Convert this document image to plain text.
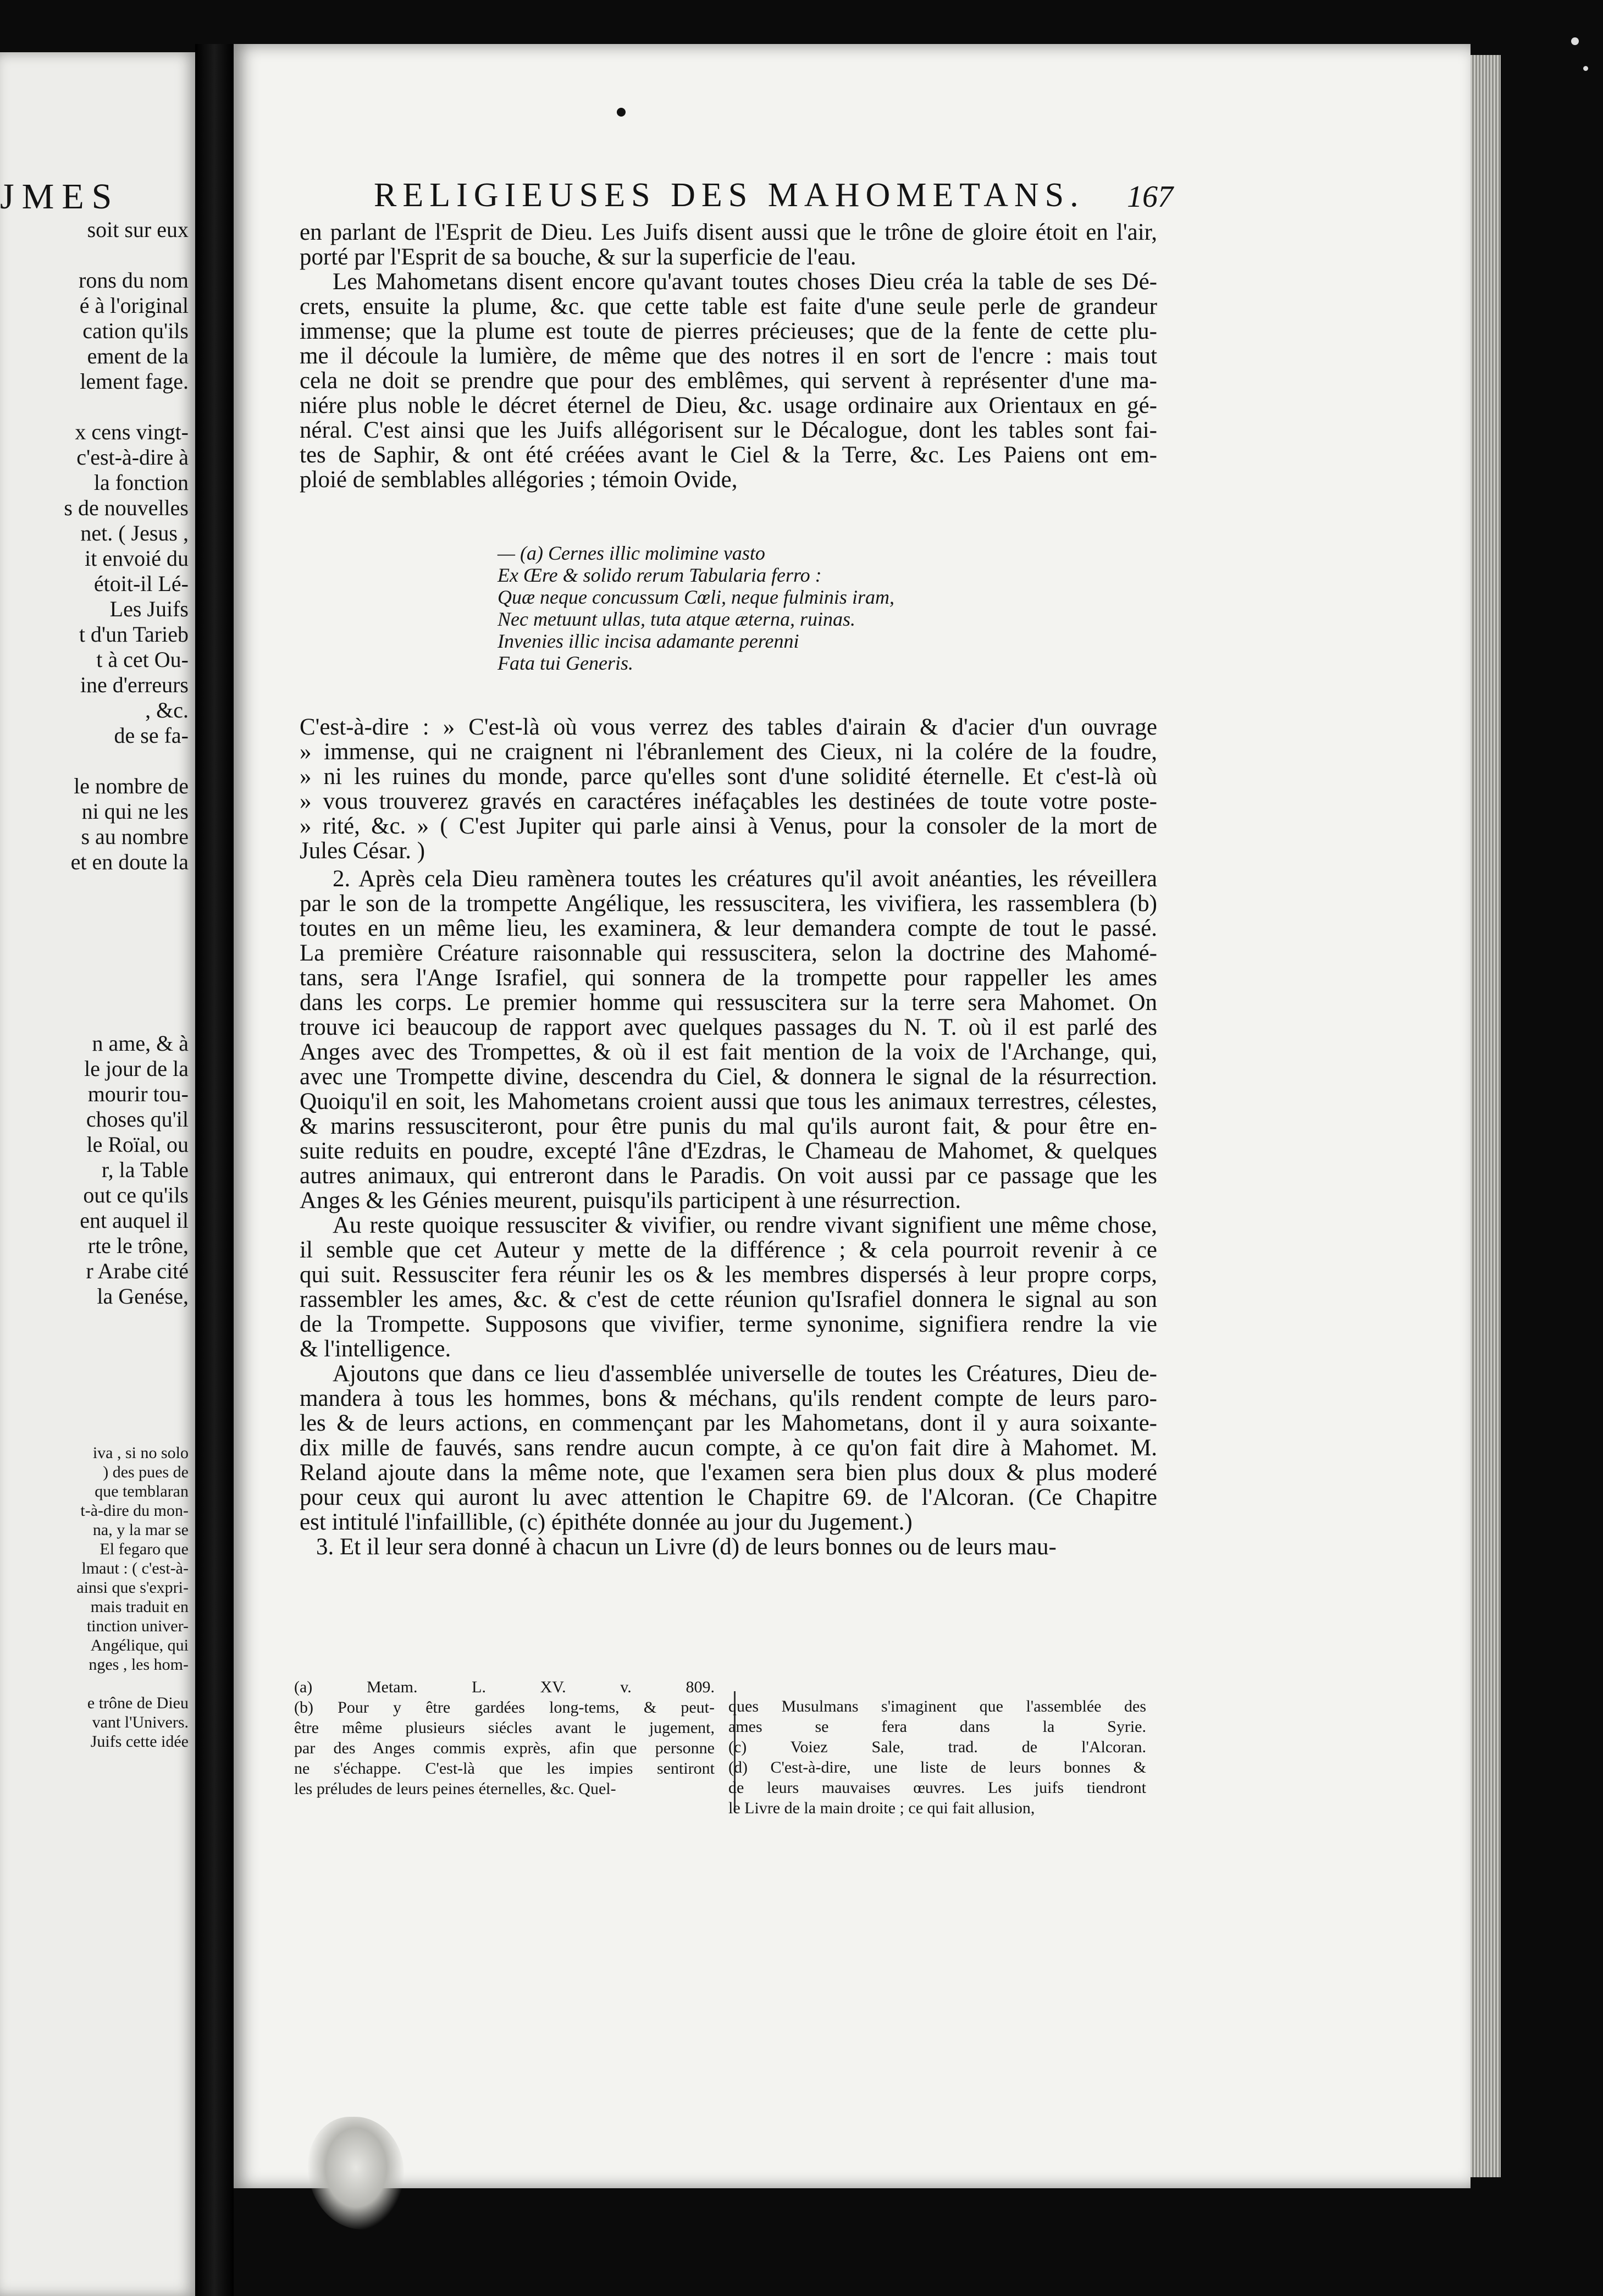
JMES
soit sur eux
rons du nom
é à l'original
cation qu'ils
ement de la
lement fage.
x cens vingt-
c'est-à-dire à
la fonction
s de nouvelles
net. ( Jesus ,
it envoié du
étoit-il Lé-
Les Juifs
t d'un Tarieb
t à cet Ou-
ine d'erreurs
, &c.
de se fa-
le nombre de
ni qui ne les
s au nombre
et en doute la
n ame, & à
le jour de la
mourir tou-
choses qu'il
le Roïal, ou
r, la Table
out ce qu'ils
ent auquel il
rte le trône,
r Arabe cité
la Genése,
iva , si no solo
) des pues de
que temblaran
t-à-dire du mon-
na, y la mar se
El fegaro que
lmaut : ( c'est-à-
ainsi que s'expri-
mais traduit en
tinction univer-
Angélique, qui
nges , les hom-
e trône de Dieu
vant l'Univers.
Juifs cette idée
RELIGIEUSES DES MAHOMETANS.	167
en parlant de l'Esprit de Dieu. Les Juifs disent aussi que le trône de gloire étoit en l'air,
porté par l'Esprit de sa bouche, & sur la superficie de l'eau.
Les Mahometans disent encore qu'avant toutes choses Dieu créa la table de ses Dé-
crets, ensuite la plume, &c. que cette table est faite d'une seule perle de grandeur
immense; que la plume est toute de pierres précieuses; que de la fente de cette plu-
me il découle la lumière, de même que des notres il en sort de l'encre : mais tout
cela ne doit se prendre que pour des emblêmes, qui servent à représenter d'une ma-
niére plus noble le décret éternel de Dieu, &c. usage ordinaire aux Orientaux en gé-
néral. C'est ainsi que les Juifs allégorisent sur le Décalogue, dont les tables sont fai-
tes de Saphir, & ont été créées avant le Ciel & la Terre, &c. Les Paiens ont em-
ploié de semblables allégories ; témoin Ovide,
— (a) Cernes illic molimine vasto
Ex Œre & solido rerum Tabularia ferro :
Quæ neque concussum Cœli, neque fulminis iram,
Nec metuunt ullas, tuta atque æterna, ruinas.
Invenies illic incisa adamante perenni
Fata tui Generis.
C'est-à-dire : » C'est-là où vous verrez des tables d'airain & d'acier d'un ouvrage
» immense, qui ne craignent ni l'ébranlement des Cieux, ni la colére de la foudre,
» ni les ruines du monde, parce qu'elles sont d'une solidité éternelle. Et c'est-là où
» vous trouverez gravés en caractéres inéfaçables les destinées de toute votre poste-
» rité, &c. » ( C'est Jupiter qui parle ainsi à Venus, pour la consoler de la mort de
Jules César. )
2. Après cela Dieu ramènera toutes les créatures qu'il avoit anéanties, les réveillera
par le son de la trompette Angélique, les ressuscitera, les vivifiera, les rassemblera (b)
toutes en un même lieu, les examinera, & leur demandera compte de tout le passé.
La première Créature raisonnable qui ressuscitera, selon la doctrine des Mahomé-
tans, sera l'Ange Israfiel, qui sonnera de la trompette pour rappeller les ames
dans les corps. Le premier homme qui ressuscitera sur la terre sera Mahomet. On
trouve ici beaucoup de rapport avec quelques passages du N. T. où il est parlé des
Anges avec des Trompettes, & où il est fait mention de la voix de l'Archange, qui,
avec une Trompette divine, descendra du Ciel, & donnera le signal de la résurrection.
Quoiqu'il en soit, les Mahometans croient aussi que tous les animaux terrestres, célestes,
& marins ressusciteront, pour être punis du mal qu'ils auront fait, & pour être en-
suite reduits en poudre, excepté l'âne d'Ezdras, le Chameau de Mahomet, & quelques
autres animaux, qui entreront dans le Paradis. On voit aussi par ce passage que les
Anges & les Génies meurent, puisqu'ils participent à une résurrection.
Au reste quoique ressusciter & vivifier, ou rendre vivant signifient une même chose,
il semble que cet Auteur y mette de la différence ; & cela pourroit revenir à ce
qui suit. Ressusciter fera réunir les os & les membres dispersés à leur propre corps,
rassembler les ames, &c. & c'est de cette réunion qu'Israfiel donnera le signal au son
de la Trompette. Supposons que vivifier, terme synonime, signifiera rendre la vie
& l'intelligence.
Ajoutons que dans ce lieu d'assemblée universelle de toutes les Créatures, Dieu de-
mandera à tous les hommes, bons & méchans, qu'ils rendent compte de leurs paro-
les & de leurs actions, en commençant par les Mahometans, dont il y aura soixante-
dix mille de fauvés, sans rendre aucun compte, à ce qu'on fait dire à Mahomet. M.
Reland ajoute dans la même note, que l'examen sera bien plus doux & plus moderé
pour ceux qui auront lu avec attention le Chapitre 69. de l'Alcoran. (Ce Chapitre
est intitulé l'infaillible, (c) épithéte donnée au jour du Jugement.)
3. Et il leur sera donné à chacun un Livre (d) de leurs bonnes ou de leurs mau-
(a) Metam. L. XV. v. 809.
(b) Pour y être gardées long-tems, & peut-
être même plusieurs siécles avant le jugement,
par des Anges commis exprès, afin que personne
ne s'échappe. C'est-là que les impies sentiront
les préludes de leurs peines éternelles, &c. Quel-
ques Musulmans s'imaginent que l'assemblée des
ames se fera dans la Syrie.
(c) Voiez Sale, trad. de l'Alcoran.
(d) C'est-à-dire, une liste de leurs bonnes &
de leurs mauvaises œuvres. Les juifs tiendront
le Livre de la main droite ; ce qui fait allusion,
